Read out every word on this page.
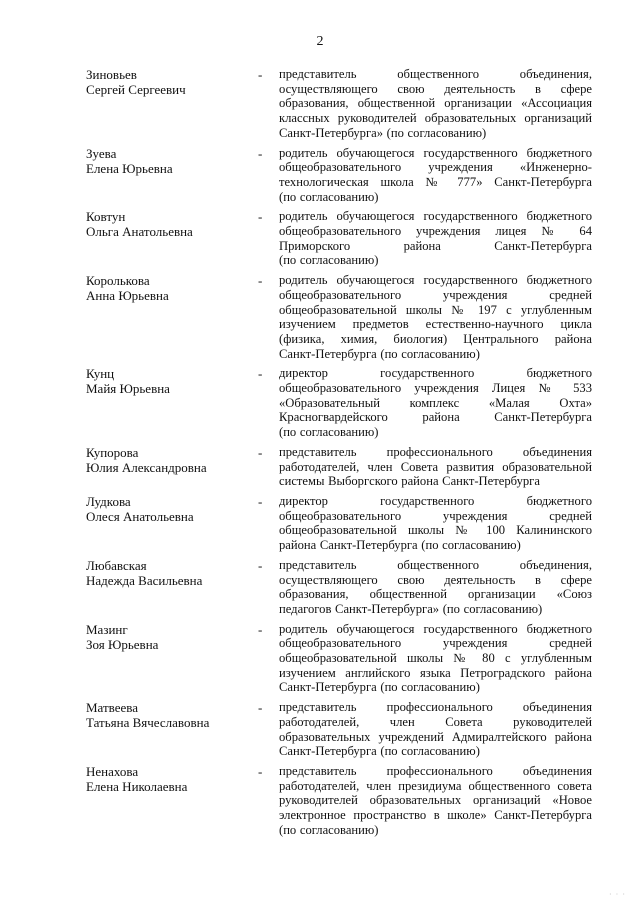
2
Зиновьев
Сергей Сергеевич
-	представитель общественного объединения,
осуществляющего свою деятельность в сфере
образования, общественной организации «Ассоциация
классных руководителей образовательных организаций
Санкт-Петербурга» (по согласованию)
Зуева
Елена Юрьевна
-	родитель обучающегося государственного бюджетного
общеобразовательного учреждения «Инженерно-
технологическая школа № 777» Санкт-Петербурга
(по согласованию)
Ковтун
Ольга Анатольевна
-	родитель обучающегося государственного бюджетного
общеобразовательного учреждения лицея № 64
Приморского района Санкт-Петербурга
(по согласованию)
Королькова
Анна Юрьевна
-	родитель обучающегося государственного бюджетного
общеобразовательного учреждения средней
общеобразовательной школы № 197 с углубленным
изучением предметов естественно-научного цикла
(физика, химия, биология) Центрального района
Санкт-Петербурга (по согласованию)
Кунц
Майя Юрьевна
-	директор государственного бюджетного
общеобразовательного учреждения Лицея № 533
«Образовательный комплекс «Малая Охта»
Красногвардейского района Санкт-Петербурга
(по согласованию)
Купорова
Юлия Александровна
-	представитель профессионального объединения
работодателей, член Совета развития образовательной
системы Выборгского района Санкт-Петербурга
Лудкова
Олеся Анатольевна
-	директор государственного бюджетного
общеобразовательного учреждения средней
общеобразовательной школы № 100 Калининского
района Санкт-Петербурга (по согласованию)
Любавская
Надежда Васильевна
-	представитель общественного объединения,
осуществляющего свою деятельность в сфере
образования, общественной организации «Союз
педагогов Санкт-Петербурга» (по согласованию)
Мазинг
Зоя Юрьевна
-	родитель обучающегося государственного бюджетного
общеобразовательного учреждения средней
общеобразовательной школы № 80 с углубленным
изучением английского языка Петроградского района
Санкт-Петербурга (по согласованию)
Матвеева
Татьяна Вячеславовна
-	представитель профессионального объединения
работодателей, член Совета руководителей
образовательных учреждений Адмиралтейского района
Санкт-Петербурга (по согласованию)
Ненахова
Елена Николаевна
-	представитель профессионального объединения
работодателей, член президиума общественного совета
руководителей образовательных организаций «Новое
электронное пространство в школе» Санкт-Петербурга
(по согласованию)
· · ·
